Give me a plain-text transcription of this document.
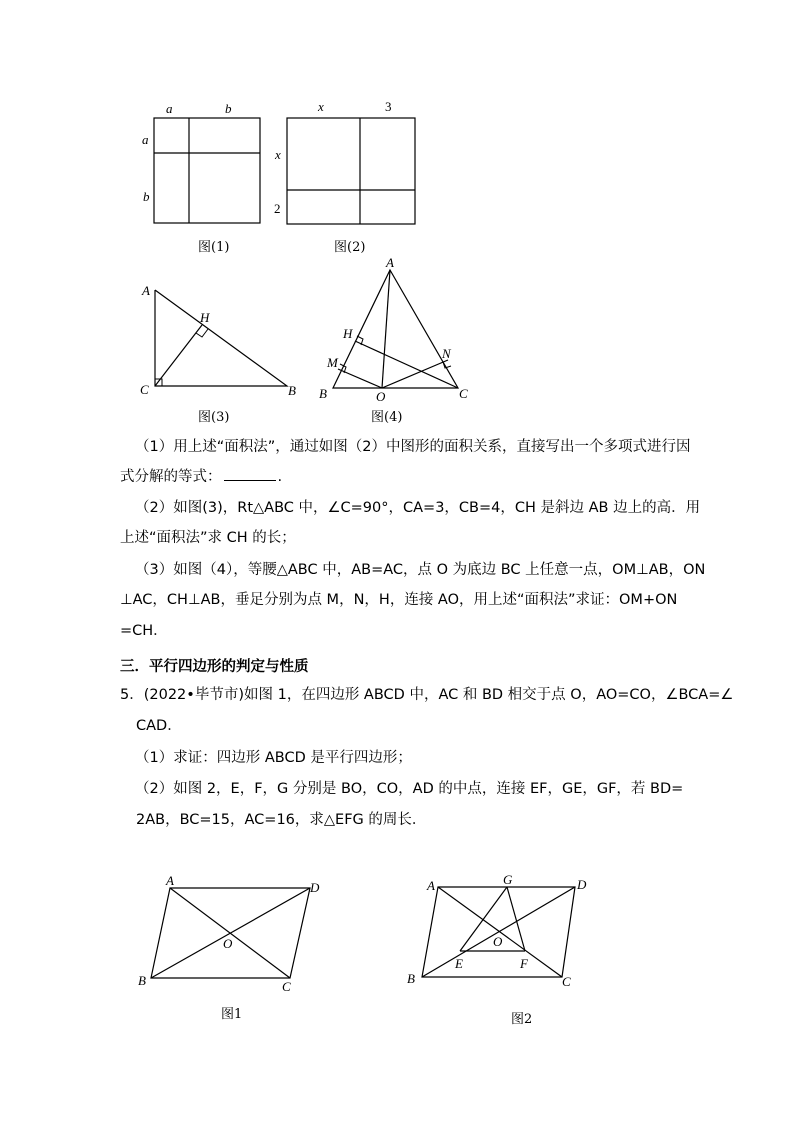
a	b
a
b
图(1)
x	3
x
2
图(2)
A
H
C	B
图(3)
A
H
M
N
B	O	C
图(4)
（1）用上述“面积法”，通过如图（2）中图形的面积关系，直接写出一个多项式进行因
式分解的等式：	.
（2）如图(3)，Rt△ABC 中，∠C=90°，CA=3，CB=4，CH 是斜边 AB 边上的高．用
上述“面积法”求 CH 的长；
（3）如图（4），等腰△ABC 中，AB=AC，点 O 为底边 BC 上任意一点，OM⊥AB，ON
⊥AC，CH⊥AB，垂足分别为点 M，N，H，连接 AO，用上述“面积法”求证：OM+ON
=CH．
三．平行四边形的判定与性质
5．(2022•毕节市)如图 1，在四边形 ABCD 中，AC 和 BD 相交于点 O，AO=CO，∠BCA=∠
CAD．
（1）求证：四边形 ABCD 是平行四边形；
（2）如图 2，E，F，G 分别是 BO，CO，AD 的中点，连接 EF，GE，GF，若 BD=
2AB，BC=15，AC=16，求△EFG 的周长．
A	D
O
B	C
图1
A	G	D
O
E	F
B	C
图2
